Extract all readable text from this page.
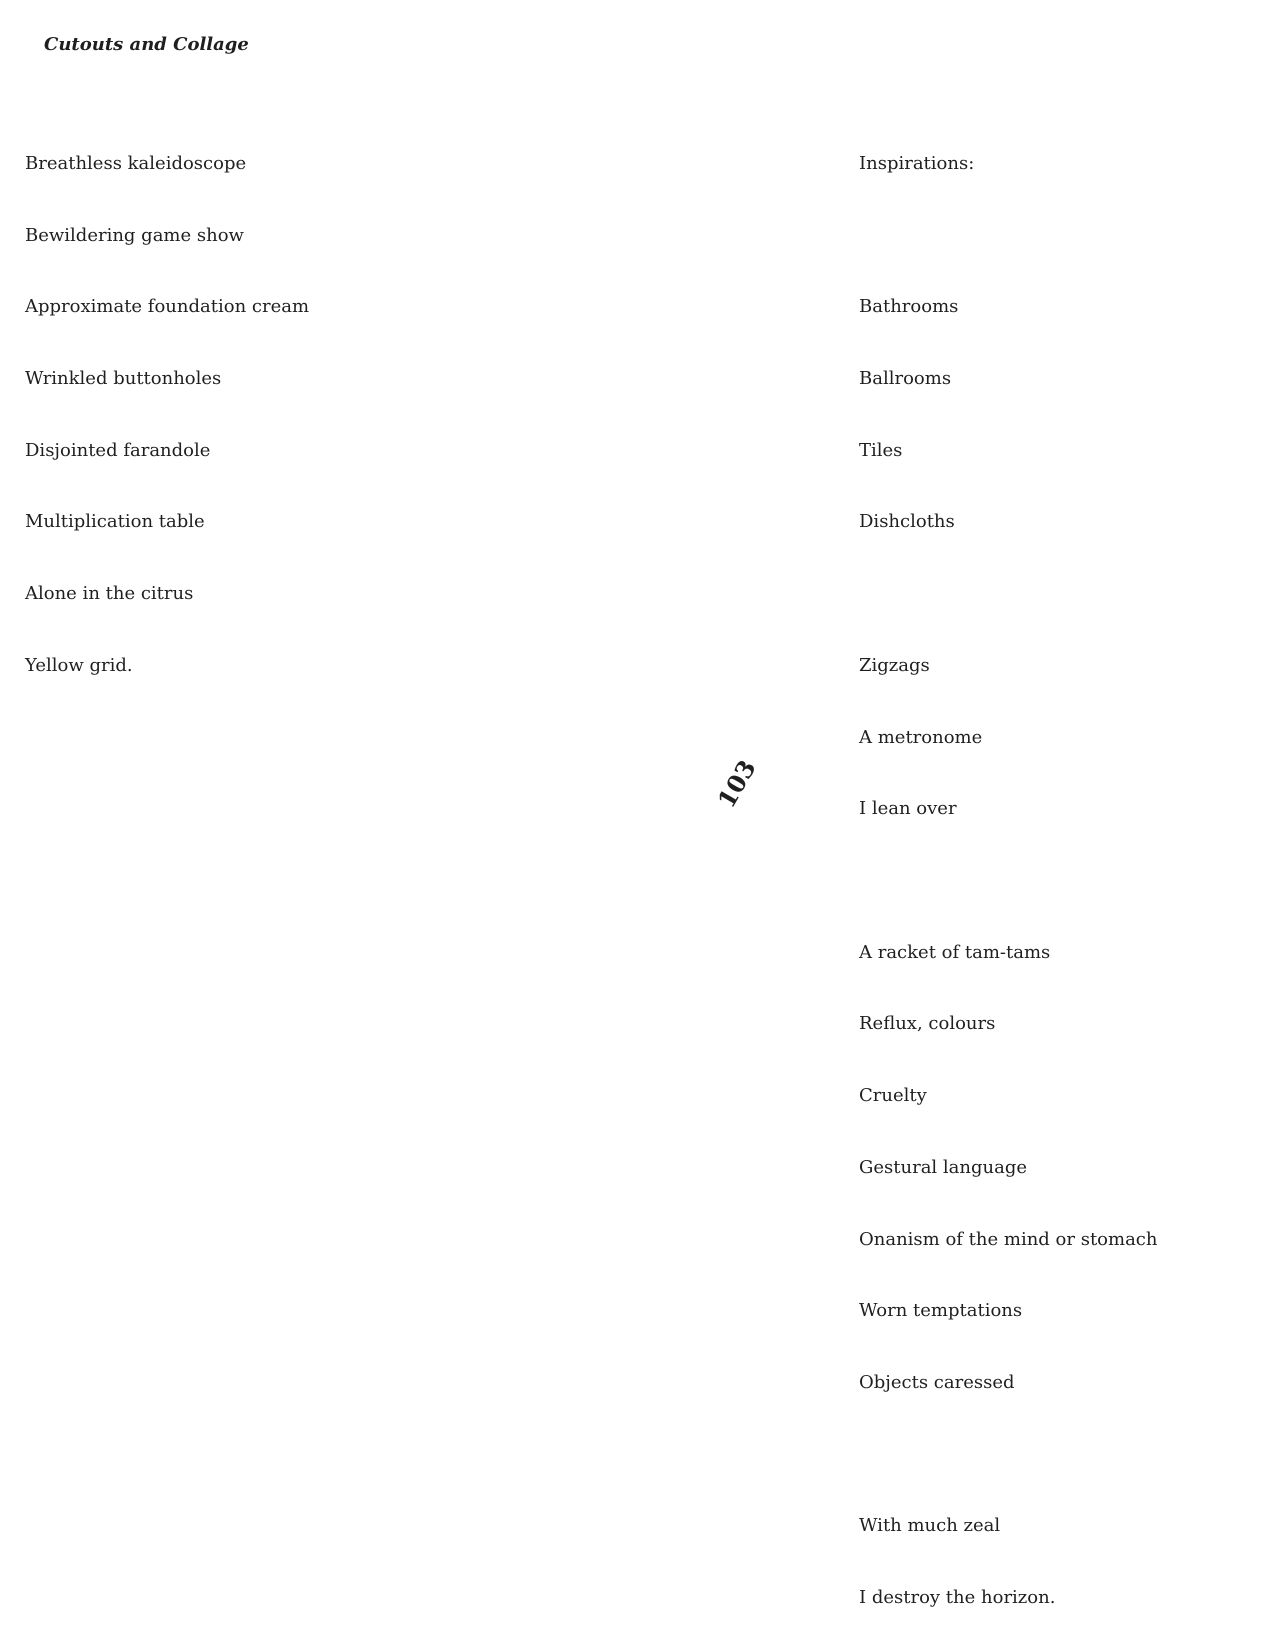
Cutouts and Collage

Breathless kaleidoscope

Bewildering game show

Approximate foundation cream

Wrinkled buttonholes

Disjointed farandole

Multiplication table

Alone in the citrus

Yellow grid.

Inspirations:

Bathrooms

Ballrooms

Tiles

Dishcloths

Zigzags

A metronome

I lean over

A racket of tam-tams

Reflux, colours

Cruelty

Gestural language

Onanism of the mind or stomach

Worn temptations

Objects caressed

With much zeal

I destroy the horizon.

103
